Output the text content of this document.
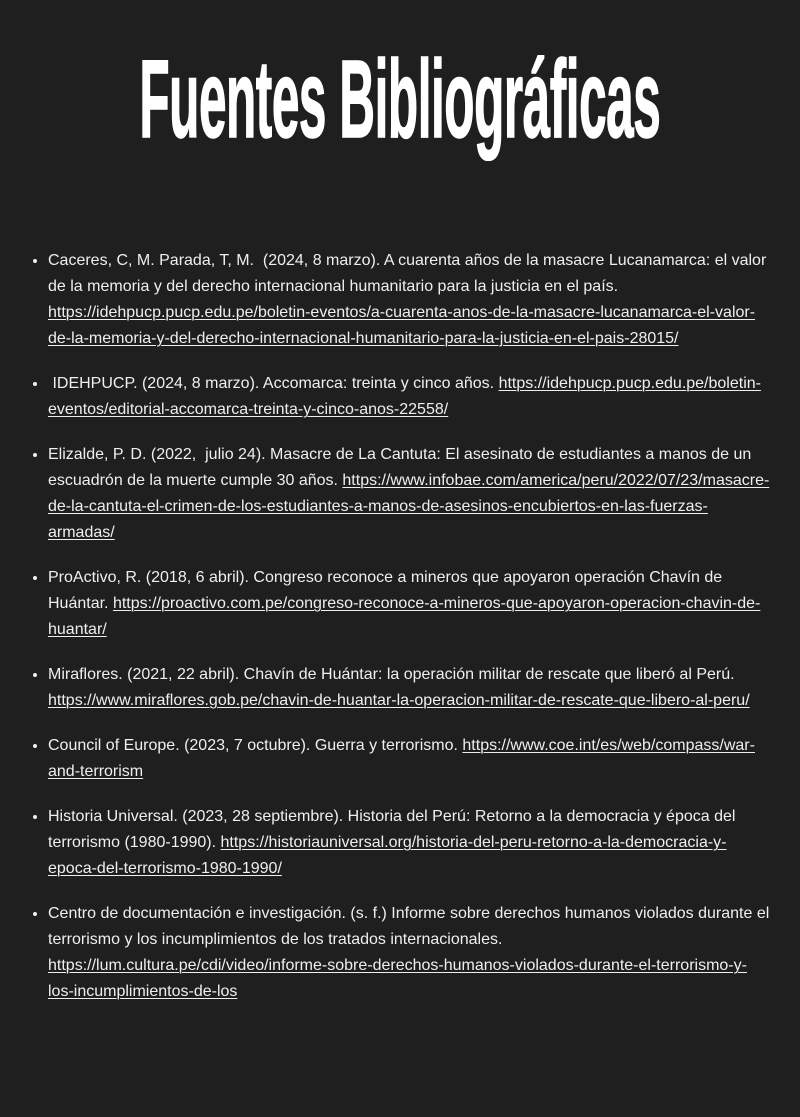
Fuentes Bibliográficas
• Caceres, C, M. Parada, T, M.  (2024, 8 marzo). A cuarenta años de la masacre Lucanamarca: el valor de la memoria y del derecho internacional humanitario para la justicia en el país. https://idehpucp.pucp.edu.pe/boletin-eventos/a-cuarenta-anos-de-la-masacre-lucanamarca-el-valor-de-la-memoria-y-del-derecho-internacional-humanitario-para-la-justicia-en-el-pais-28015/
•  IDEHPUCP. (2024, 8 marzo). Accomarca: treinta y cinco años. https://idehpucp.pucp.edu.pe/boletin-eventos/editorial-accomarca-treinta-y-cinco-anos-22558/
• Elizalde, P. D. (2022,  julio 24). Masacre de La Cantuta: El asesinato de estudiantes a manos de un escuadrón de la muerte cumple 30 años. https://www.infobae.com/america/peru/2022/07/23/masacre-de-la-cantuta-el-crimen-de-los-estudiantes-a-manos-de-asesinos-encubiertos-en-las-fuerzas-armadas/
• ProActivo, R. (2018, 6 abril). Congreso reconoce a mineros que apoyaron operación Chavín de Huántar. https://proactivo.com.pe/congreso-reconoce-a-mineros-que-apoyaron-operacion-chavin-de-huantar/
• Miraflores. (2021, 22 abril). Chavín de Huántar: la operación militar de rescate que liberó al Perú. https://www.miraflores.gob.pe/chavin-de-huantar-la-operacion-militar-de-rescate-que-libero-al-peru/
• Council of Europe. (2023, 7 octubre). Guerra y terrorismo. https://www.coe.int/es/web/compass/war-and-terrorism
• Historia Universal. (2023, 28 septiembre). Historia del Perú: Retorno a la democracia y época del terrorismo (1980-1990). https://historiauniversal.org/historia-del-peru-retorno-a-la-democracia-y-epoca-del-terrorismo-1980-1990/
• Centro de documentación e investigación. (s. f.) Informe sobre derechos humanos violados durante el terrorismo y los incumplimientos de los tratados internacionales. https://lum.cultura.pe/cdi/video/informe-sobre-derechos-humanos-violados-durante-el-terrorismo-y-los-incumplimientos-de-los
